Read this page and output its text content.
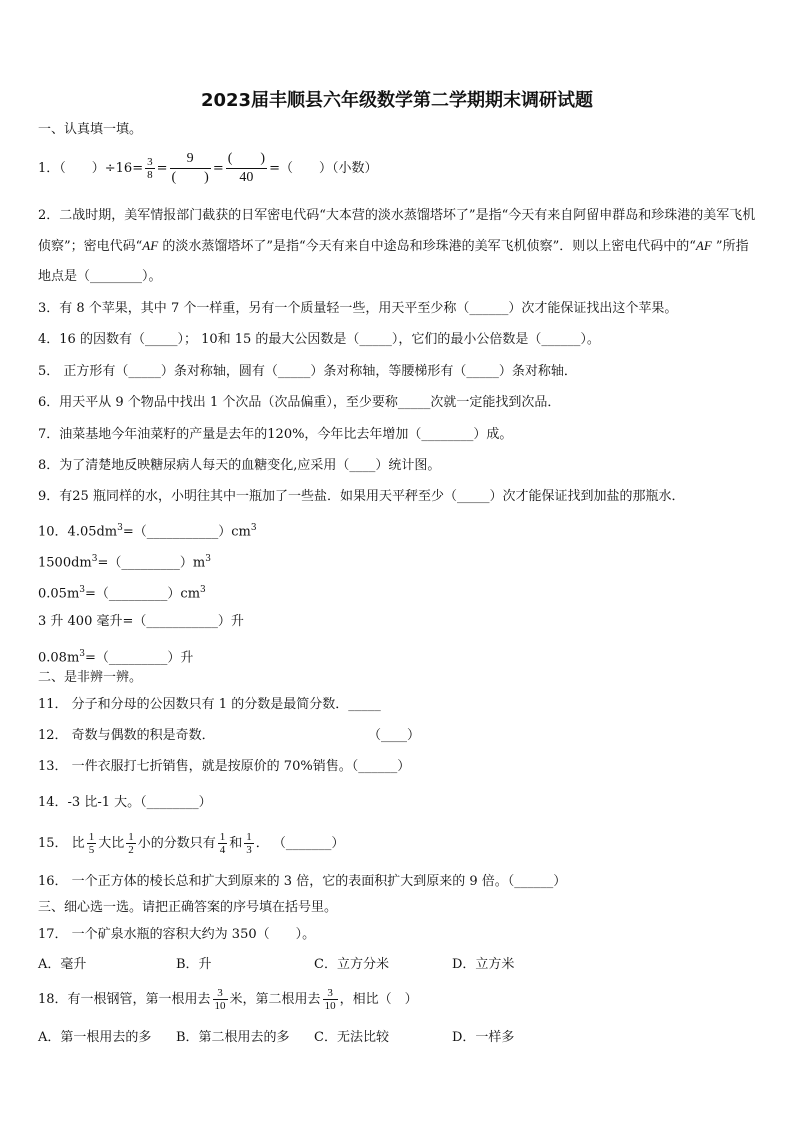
2023届丰顺县六年级数学第二学期期末调研试题
一、认真填一填。
1．（　　）$\div 16= \frac{3}{8} = \frac{9}{( )} = \frac{( )}{40}$ =（　　）（小数）
2．二战时期，美军情报部门截获的日军密电代码“大本营的淡水蒸馏塔坏了”是指“今天有来自阿留申群岛和珍珠港的美军飞机侦察”；密电代码“AF 的淡水蒸馏塔坏了”是指“今天有来自中途岛和珍珠港的美军飞机侦察”．则以上密电代码中的“AF ”所指地点是（________）。
3．有 8 个苹果，其中 7 个一样重，另有一个质量轻一些，用天平至少称（______）次才能保证找出这个苹果。
4．16 的因数有（_____）； 10和 15 的最大公因数是（_____），它们的最小公倍数是（______）。
5． 正方形有（_____）条对称轴，圆有（_____）条对称轴，等腰梯形有（_____）条对称轴．
6．用天平从 9 个物品中找出 1 个次品（次品偏重），至少要称_____次就一定能找到次品．
7．油菜基地今年油菜籽的产量是去年的120%，今年比去年增加（________）成。
8．为了清楚地反映糖尿病人每天的血糖变化,应采用（____）统计图。
9．有25 瓶同样的水，小明往其中一瓶加了一些盐．如果用天平秤至少（_____）次才能保证找到加盐的那瓶水．
10．$4.05dm^3=(\_\_\_\_\_\_\_\_\_\_\_)cm^3$
$1500dm^3=(\_\_\_\_\_\_\_\_\_)m^3$
$0.05m^3=(\_\_\_\_\_\_\_\_\_)cm^3$
3 升 400 毫升=（___________）升
$0.08m^3=(\_\_\_\_\_\_\_\_\_)$升
二、是非辨一辨。
11． 分子和分母的公因数只有 1 的分数是最简分数．_____
12． 奇数与偶数的积是奇数．	（____）
13． 一件衣服打七折销售，就是按原价的 70%销售。（______）
14．-3 比-1 大。（________）
15． 比 $\frac{1}{5}$ 大比 $\frac{1}{2}$ 小的分数只有 $\frac{1}{4}$ 和 $\frac{1}{3}$ ． （_______）
16． 一个正方体的棱长总和扩大到原来的 3 倍，它的表面积扩大到原来的 9 倍。（______）
三、细心选一选。请把正确答案的序号填在括号里。
17． 一个矿泉水瓶的容积大约为 350（　　）。
A．毫升	B．升	C．立方分米	D．立方米
18．有一根钢管，第一根用去 $\frac{3}{10}$ 米，第二根用去 $\frac{3}{10}$ ，相比（　）
A．第一根用去的多 B．第二根用去的多 C．无法比较	D．一样多
